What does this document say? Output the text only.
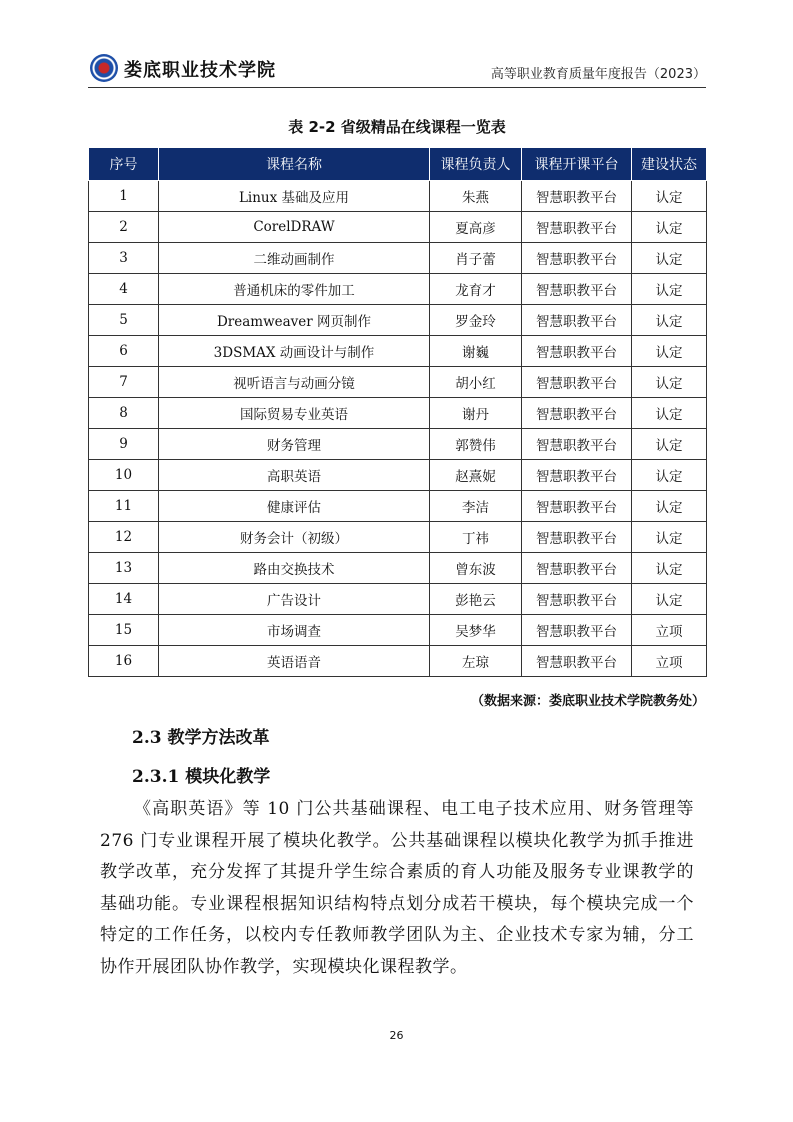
娄底职业技术学院	高等职业教育质量年度报告（2023）
表 2-2 省级精品在线课程一览表
序号	课程名称	课程负责人	课程开课平台	建设状态
1	Linux 基础及应用	朱燕	智慧职教平台	认定
2	CorelDRAW	夏高彦	智慧职教平台	认定
3	二维动画制作	肖子蕾	智慧职教平台	认定
4	普通机床的零件加工	龙育才	智慧职教平台	认定
5	Dreamweaver 网页制作	罗金玲	智慧职教平台	认定
6	3DSMAX 动画设计与制作	谢巍	智慧职教平台	认定
7	视听语言与动画分镜	胡小红	智慧职教平台	认定
8	国际贸易专业英语	谢丹	智慧职教平台	认定
9	财务管理	郭赞伟	智慧职教平台	认定
10	高职英语	赵熹妮	智慧职教平台	认定
11	健康评估	李洁	智慧职教平台	认定
12	财务会计（初级）	丁祎	智慧职教平台	认定
13	路由交换技术	曾东波	智慧职教平台	认定
14	广告设计	彭艳云	智慧职教平台	认定
15	市场调查	吴梦华	智慧职教平台	立项
16	英语语音	左琼	智慧职教平台	立项
（数据来源：娄底职业技术学院教务处）
2.3 教学方法改革
2.3.1 模块化教学
《高职英语》等 10 门公共基础课程、电工电子技术应用、财务管理等 276 门专业课程开展了模块化教学。公共基础课程以模块化教学为抓手推进教学改革，充分发挥了其提升学生综合素质的育人功能及服务专业课教学的基础功能。专业课程根据知识结构特点划分成若干模块，每个模块完成一个特定的工作任务，以校内专任教师教学团队为主、企业技术专家为辅，分工协作开展团队协作教学，实现模块化课程教学。
26
